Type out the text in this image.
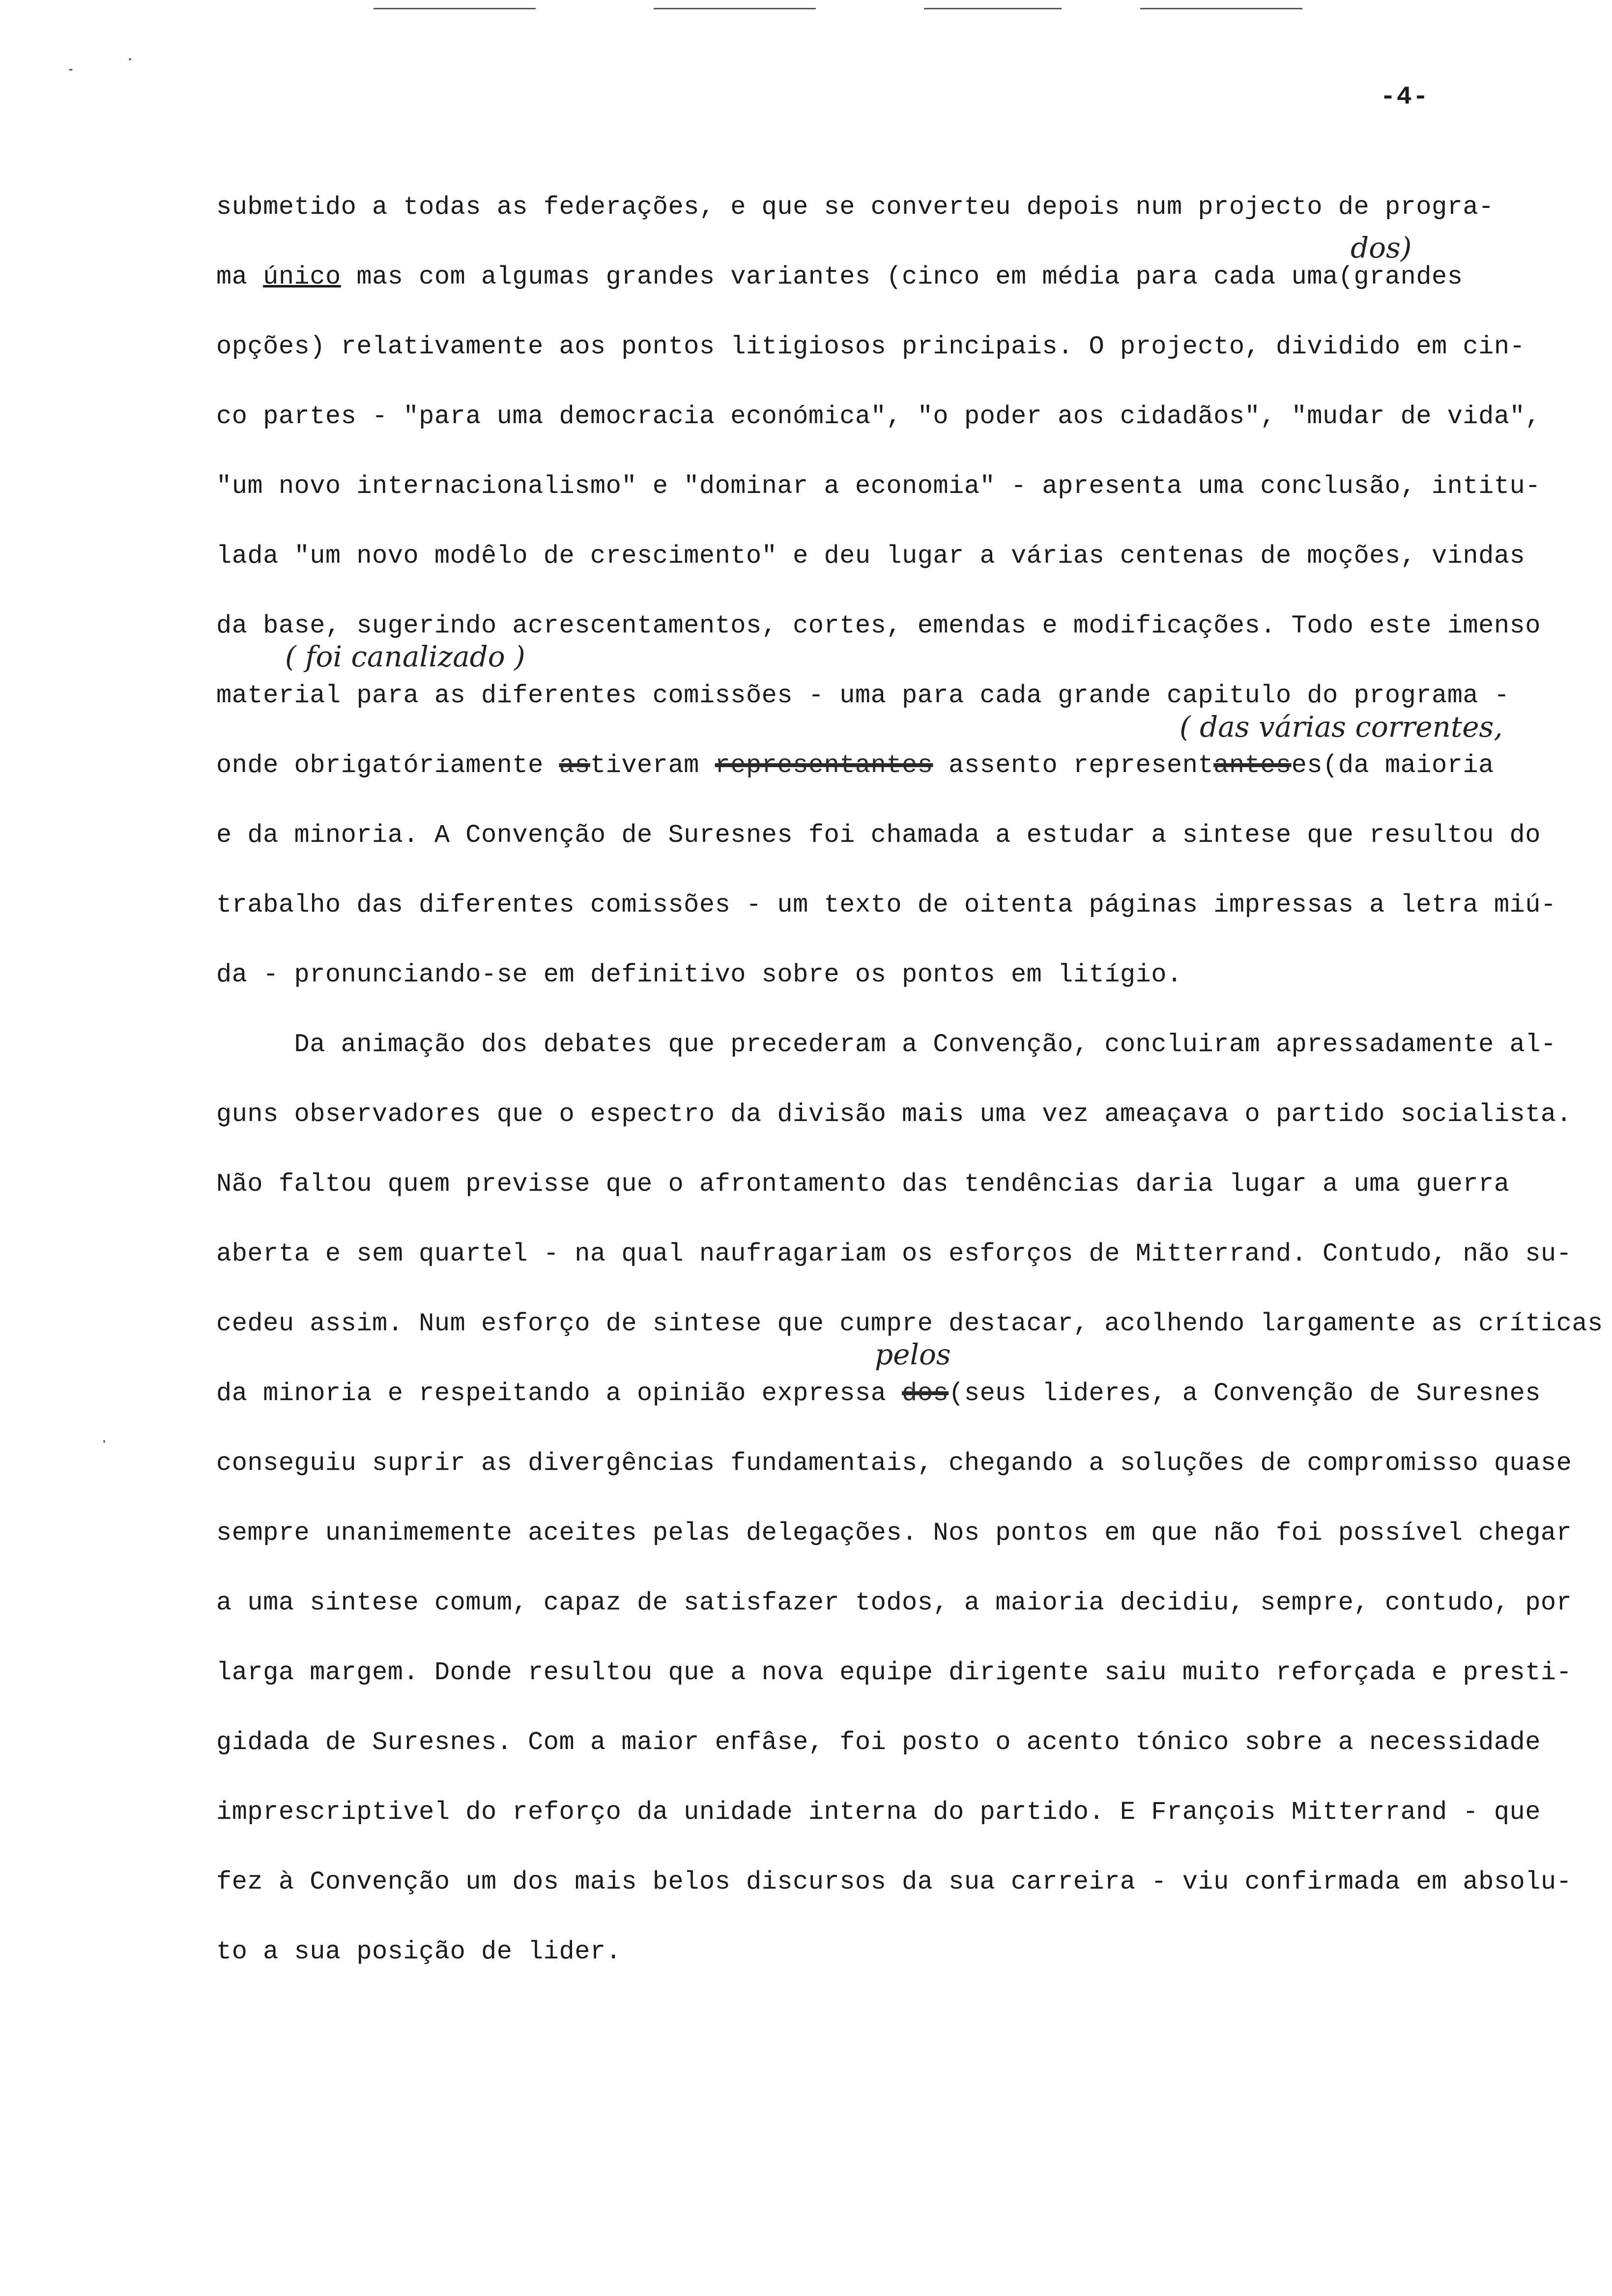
-4-
submetido a todas as federações, e que se converteu depois num projecto de progra-
ma único mas com algumas grandes variantes (cinco em média para cada uma(grandes
dos)
opções) relativamente aos pontos litigiosos principais. O projecto, dividido em cin-
co partes - "para uma democracia económica", "o poder aos cidadãos", "mudar de vida",
"um novo internacionalismo" e "dominar a economia" - apresenta uma conclusão, intitu-
lada "um novo modêlo de crescimento" e deu lugar a várias centenas de moções, vindas
da base, sugerindo acrescentamentos, cortes, emendas e modificações. Todo este imenso
( foi canalizado )
material para as diferentes comissões - uma para cada grande capitulo do programa -
( das várias correntes,
onde obrigatóriamente astiveram representantes assento representanteses(da maioria
e da minoria. A Convenção de Suresnes foi chamada a estudar a sintese que resultou do
trabalho das diferentes comissões - um texto de oitenta páginas impressas a letra miú-
da - pronunciando-se em definitivo sobre os pontos em litígio.
Da animação dos debates que precederam a Convenção, concluiram apressadamente al-
guns observadores que o espectro da divisão mais uma vez ameaçava o partido socialista.
Não faltou quem previsse que o afrontamento das tendências daria lugar a uma guerra
aberta e sem quartel - na qual naufragariam os esforços de Mitterrand. Contudo, não su-
cedeu assim. Num esforço de sintese que cumpre destacar, acolhendo largamente as críticas
pelos
da minoria e respeitando a opinião expressa dos(seus lideres, a Convenção de Suresnes
conseguiu suprir as divergências fundamentais, chegando a soluções de compromisso quase
sempre unanimemente aceites pelas delegações. Nos pontos em que não foi possível chegar
a uma sintese comum, capaz de satisfazer todos, a maioria decidiu, sempre, contudo, por
larga margem. Donde resultou que a nova equipe dirigente saiu muito reforçada e presti-
gidada de Suresnes. Com a maior enfâse, foi posto o acento tónico sobre a necessidade
imprescriptivel do reforço da unidade interna do partido. E François Mitterrand - que
fez à Convenção um dos mais belos discursos da sua carreira - viu confirmada em absolu-
to a sua posição de lider.
